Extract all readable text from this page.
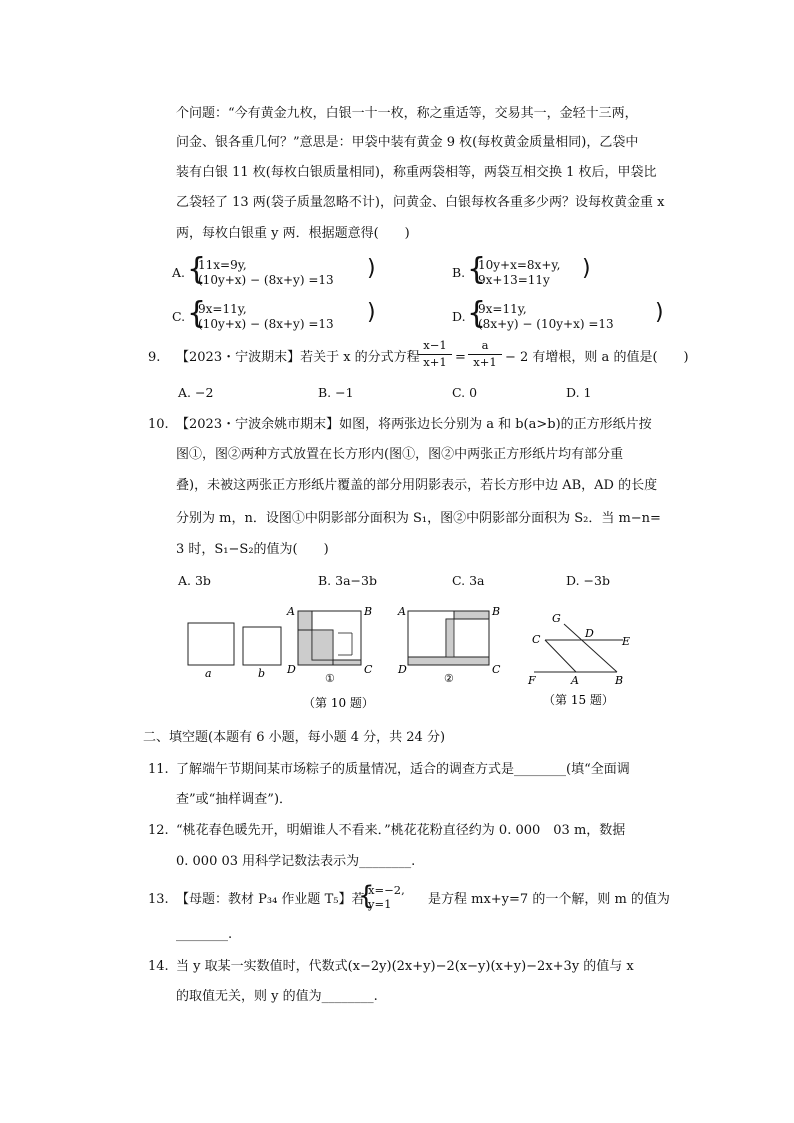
个问题：“今有黄金九枚，白银一十一枚，称之重适等，交易其一，金轻十三两，
问金、银各重几何？”意思是：甲袋中装有黄金 9 枚(每枚黄金质量相同)，乙袋中
装有白银 11 枚(每枚白银质量相同)，称重两袋相等，两袋互相交换 1 枚后，甲袋比
乙袋轻了 13 两(袋子质量忽略不计)，问黄金、白银每枚各重多少两？设每枚黄金重 x
两，每枚白银重 y 两．根据题意得(　　)
A. {
11x=9y,
(10y+x) − (8x+y) =13 )	B. {
10y+x=8x+y,
9x+13=11y	)
C. {
9x=11y,
(10y+x) − (8x+y) =13 )	D. {
9x=11y,
(8x+y) − (10y+x) =13 )
9. 【2023・宁波期末】若关于 x 的分式方程
x−1
x+1 =
a
x+1 − 2 有增根，则 a 的值是(　　)
A. −2	B. −1	C. 0	D. 1
10. 【2023・宁波余姚市期末】如图，将两张边长分别为 a 和 b(a>b)的正方形纸片按
图①，图②两种方式放置在长方形内(图①，图②中两张正方形纸片均有部分重
叠)，未被这两张正方形纸片覆盖的部分用阴影表示，若长方形中边 AB，AD 的长度
分别为 m，n．设图①中阴影部分面积为 S₁，图②中阴影部分面积为 S₂．当 m−n=
3 时，S₁−S₂的值为(　　)
A. 3b	B. 3a−3b	C. 3a	D. −3b
a	b
A	B
D	C
①
A	B
D	C
②
（第 10 题）
G
D
C	E
F	A	B
（第 15 题）
二、填空题(本题有 6 小题，每小题 4 分，共 24 分)
11. 了解端午节期间某市场粽子的质量情况，适合的调查方式是________(填“全面调
查”或“抽样调查”)．
12. “桃花春色暖先开，明媚谁人不看来．”桃花花粉直径约为 0. 000　03 m，数据
0. 000 03 用科学记数法表示为________.
13. 【母题：教材 P₃₄ 作业题 T₅】若
{
x=−2,
y=1	是方程 mx+y=7 的一个解，则 m 的值为
________.
14. 当 y 取某一实数值时，代数式(x−2y)(2x+y)−2(x−y)(x+y)−2x+3y 的值与 x
的取值无关，则 y 的值为________.
